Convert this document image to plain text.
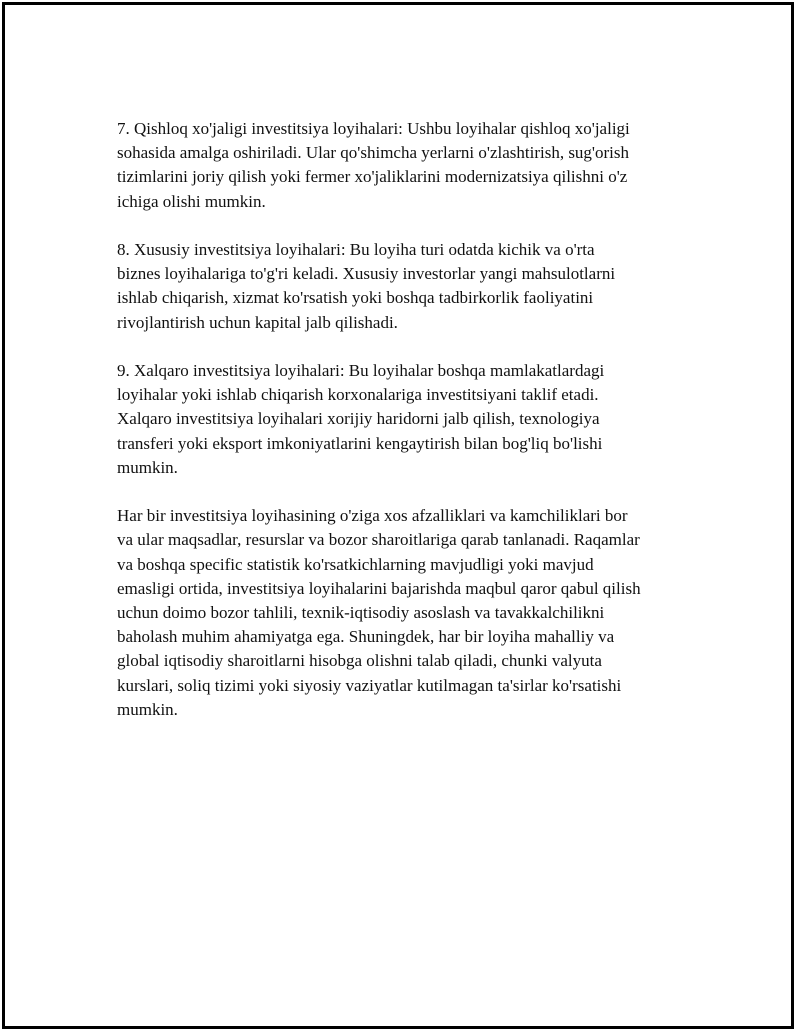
7. Qishloq xo'jaligi investitsiya loyihalari: Ushbu loyihalar qishloq xo'jaligi
sohasida amalga oshiriladi. Ular qo'shimcha yerlarni o'zlashtirish, sug'orish
tizimlarini joriy qilish yoki fermer xo'jaliklarini modernizatsiya qilishni o'z
ichiga olishi mumkin.

8. Xususiy investitsiya loyihalari: Bu loyiha turi odatda kichik va o'rta
biznes loyihalariga to'g'ri keladi. Xususiy investorlar yangi mahsulotlarni
ishlab chiqarish, xizmat ko'rsatish yoki boshqa tadbirkorlik faoliyatini
rivojlantirish uchun kapital jalb qilishadi.

9. Xalqaro investitsiya loyihalari: Bu loyihalar boshqa mamlakatlardagi
loyihalar yoki ishlab chiqarish korxonalariga investitsiyani taklif etadi.
Xalqaro investitsiya loyihalari xorijiy haridorni jalb qilish, texnologiya
transferi yoki eksport imkoniyatlarini kengaytirish bilan bog'liq bo'lishi
mumkin.

Har bir investitsiya loyihasining o'ziga xos afzalliklari va kamchiliklari bor
va ular maqsadlar, resurslar va bozor sharoitlariga qarab tanlanadi. Raqamlar
va boshqa specific statistik ko'rsatkichlarning mavjudligi yoki mavjud
emasligi ortida, investitsiya loyihalarini bajarishda maqbul qaror qabul qilish
uchun doimo bozor tahlili, texnik-iqtisodiy asoslash va tavakkalchilikni
baholash muhim ahamiyatga ega. Shuningdek, har bir loyiha mahalliy va
global iqtisodiy sharoitlarni hisobga olishni talab qiladi, chunki valyuta
kurslari, soliq tizimi yoki siyosiy vaziyatlar kutilmagan ta'sirlar ko'rsatishi
mumkin.
